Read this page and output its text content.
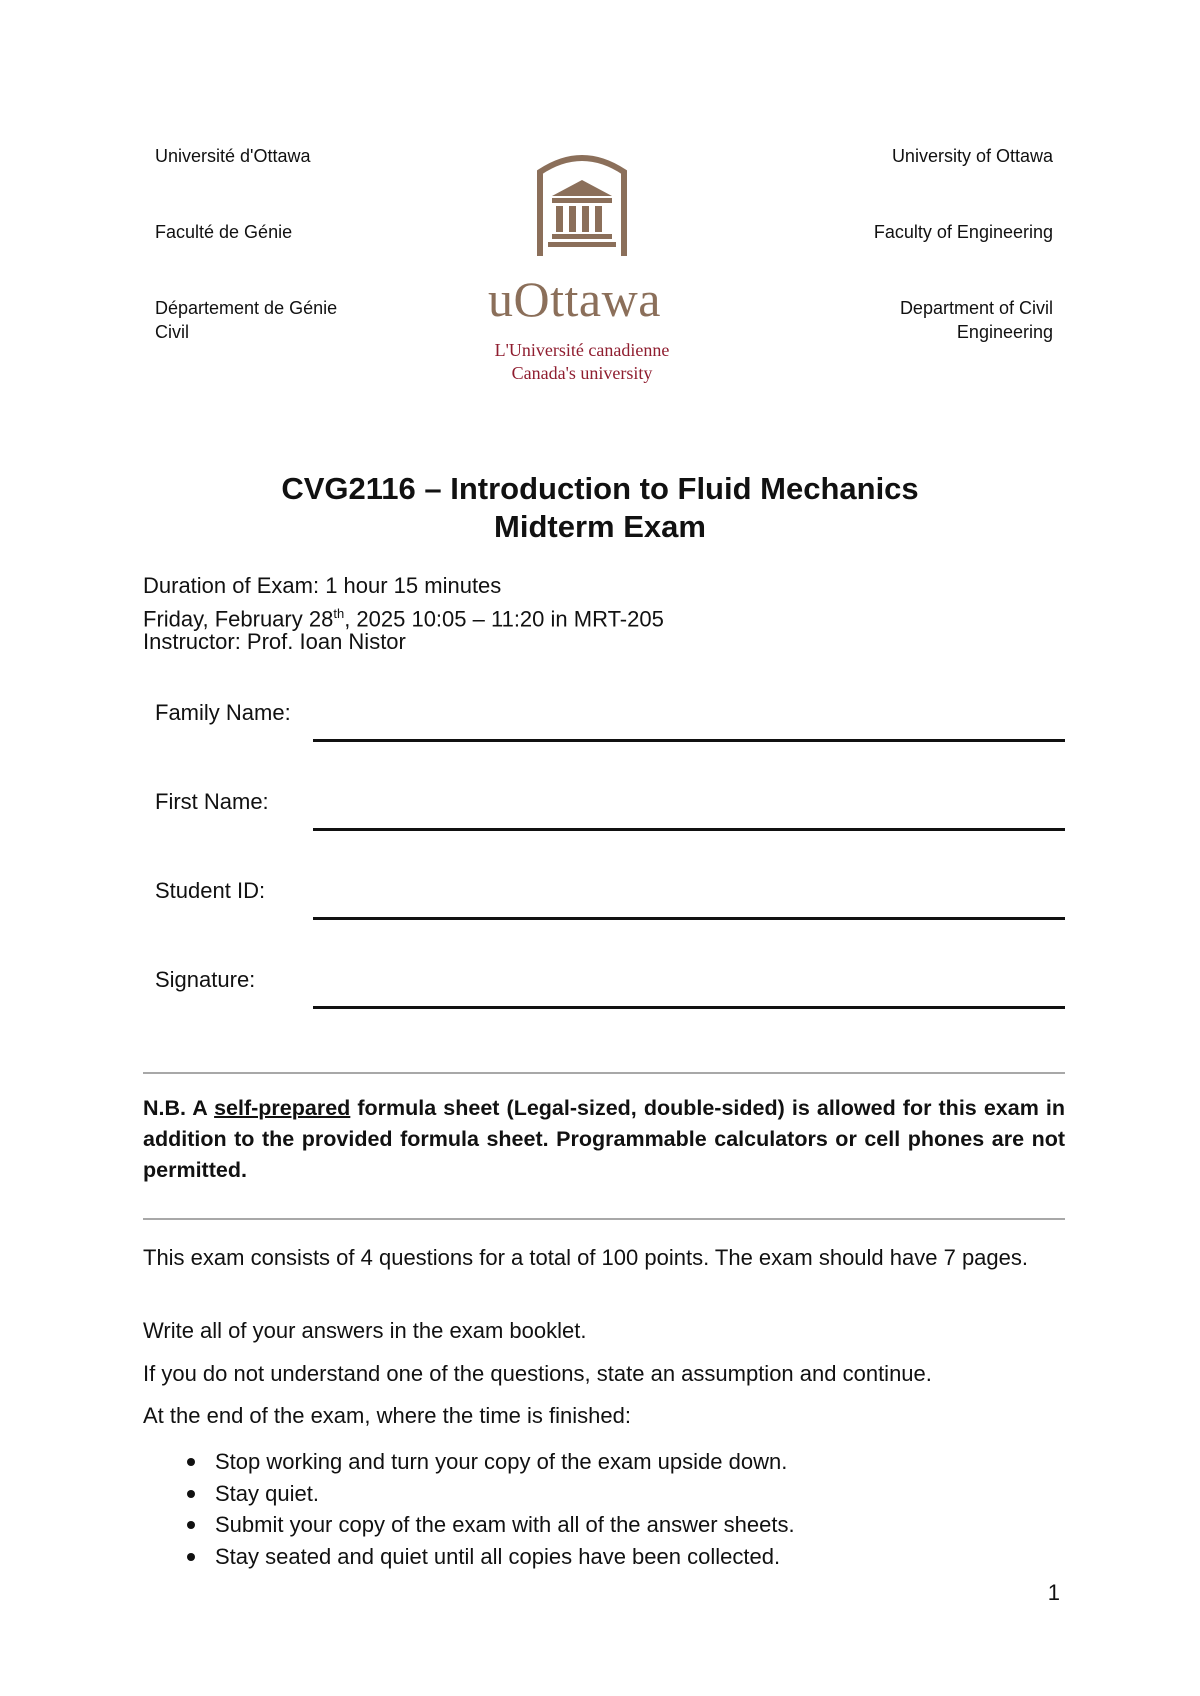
Université d'Ottawa
Faculté de Génie
Département de Génie
Civil
University of Ottawa
Faculty of Engineering
Department of Civil
Engineering
uOttawa
L'Université canadienne
Canada's university
CVG2116 – Introduction to Fluid Mechanics
Midterm Exam
Duration of Exam: 1 hour 15 minutes
Friday, February 28th, 2025 10:05 – 11:20 in MRT-205
Instructor: Prof. Ioan Nistor
Family Name:
First Name:
Student ID:
Signature:
N.B. A self-prepared formula sheet (Legal-sized, double-sided) is allowed for this exam in addition to the provided formula sheet. Programmable calculators or cell phones are not permitted.
This exam consists of 4 questions for a total of 100 points. The exam should have 7 pages.
Write all of your answers in the exam booklet.
If you do not understand one of the questions, state an assumption and continue.
At the end of the exam, where the time is finished:
Stop working and turn your copy of the exam upside down.
Stay quiet.
Submit your copy of the exam with all of the answer sheets.
Stay seated and quiet until all copies have been collected.
1
